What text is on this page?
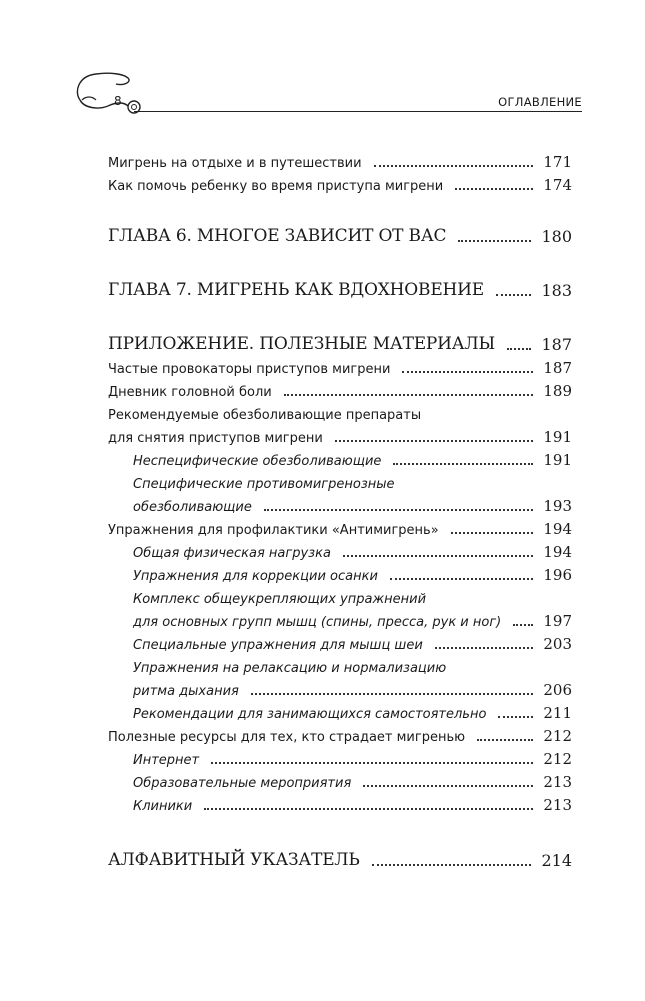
8	ОГЛАВЛЕНИЕ
Мигрень на отдыхе и в путешествии	171
Как помочь ребенку во время приступа мигрени	174
ГЛАВА 6. МНОГОЕ ЗАВИСИТ ОТ ВАС	180
ГЛАВА 7. МИГРЕНЬ КАК ВДОХНОВЕНИЕ	183
ПРИЛОЖЕНИЕ. ПОЛЕЗНЫЕ МАТЕРИАЛЫ	187
Частые провокаторы приступов мигрени	187
Дневник головной боли	189
Рекомендуемые обезболивающие препараты
для снятия приступов мигрени	191
Неспецифические обезболивающие	191
Специфические противомигренозные
обезболивающие	193
Упражнения для профилактики «Антимигрень»	194
Общая физическая нагрузка	194
Упражнения для коррекции осанки	196
Комплекс общеукрепляющих упражнений
для основных групп мышц (спины, пресса, рук и ног)	197
Специальные упражнения для мышц шеи	203
Упражнения на релаксацию и нормализацию
ритма дыхания	206
Рекомендации для занимающихся самостоятельно	211
Полезные ресурсы для тех, кто страдает мигренью	212
Интернет	212
Образовательные мероприятия	213
Клиники	213
АЛФАВИТНЫЙ УКАЗАТЕЛЬ	214
